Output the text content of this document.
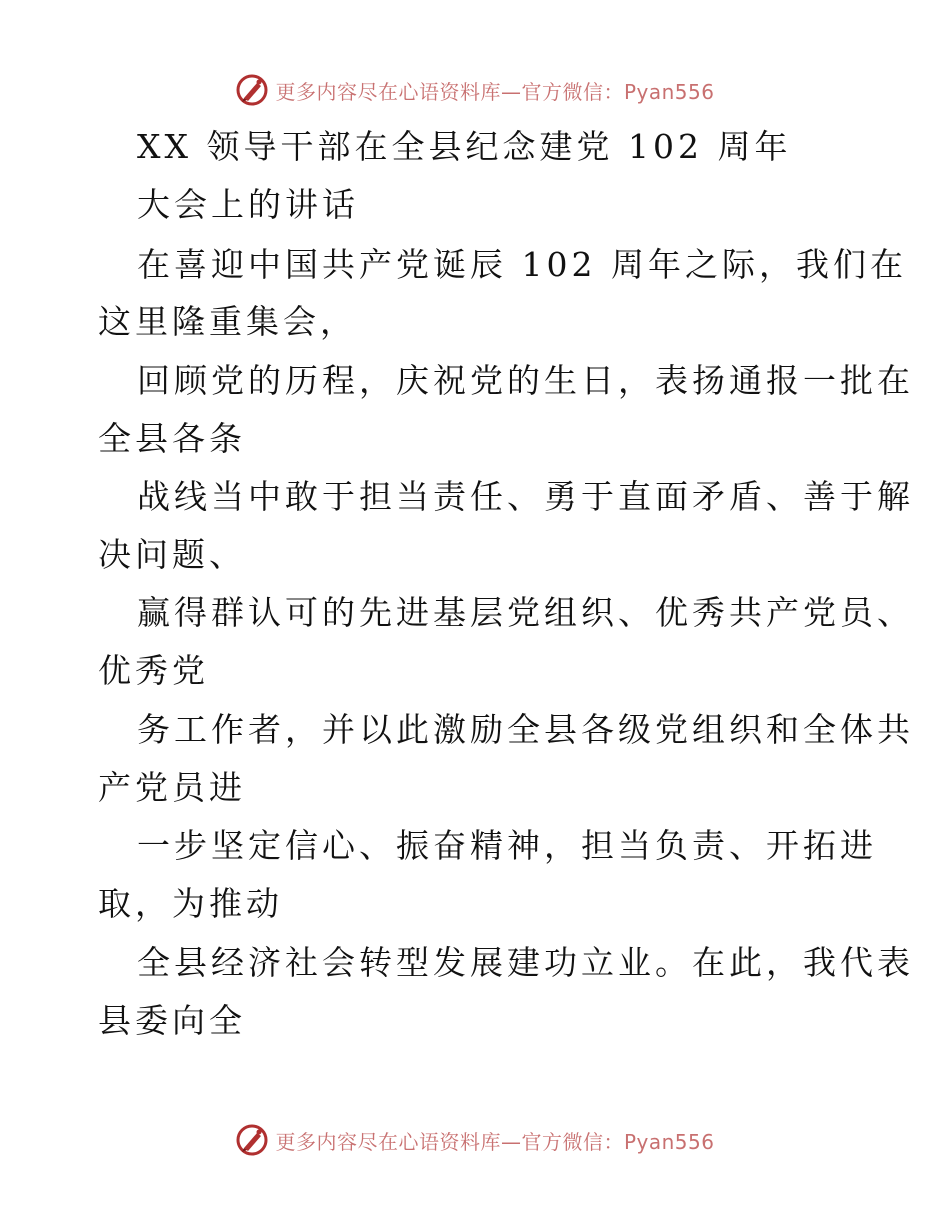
更多内容尽在心语资料库—官方微信：Pyan556
XX 领导干部在全县纪念建党 102 周年
大会上的讲话
在喜迎中国共产党诞辰 102 周年之际，我们在
这里隆重集会，
回顾党的历程，庆祝党的生日，表扬通报一批在
全县各条
战线当中敢于担当责任、勇于直面矛盾、善于解
决问题、
赢得群认可的先进基层党组织、优秀共产党员、
优秀党
务工作者，并以此激励全县各级党组织和全体共
产党员进
一步坚定信心、振奋精神，担当负责、开拓进
取，为推动
全县经济社会转型发展建功立业。在此，我代表
县委向全
更多内容尽在心语资料库—官方微信：Pyan556
